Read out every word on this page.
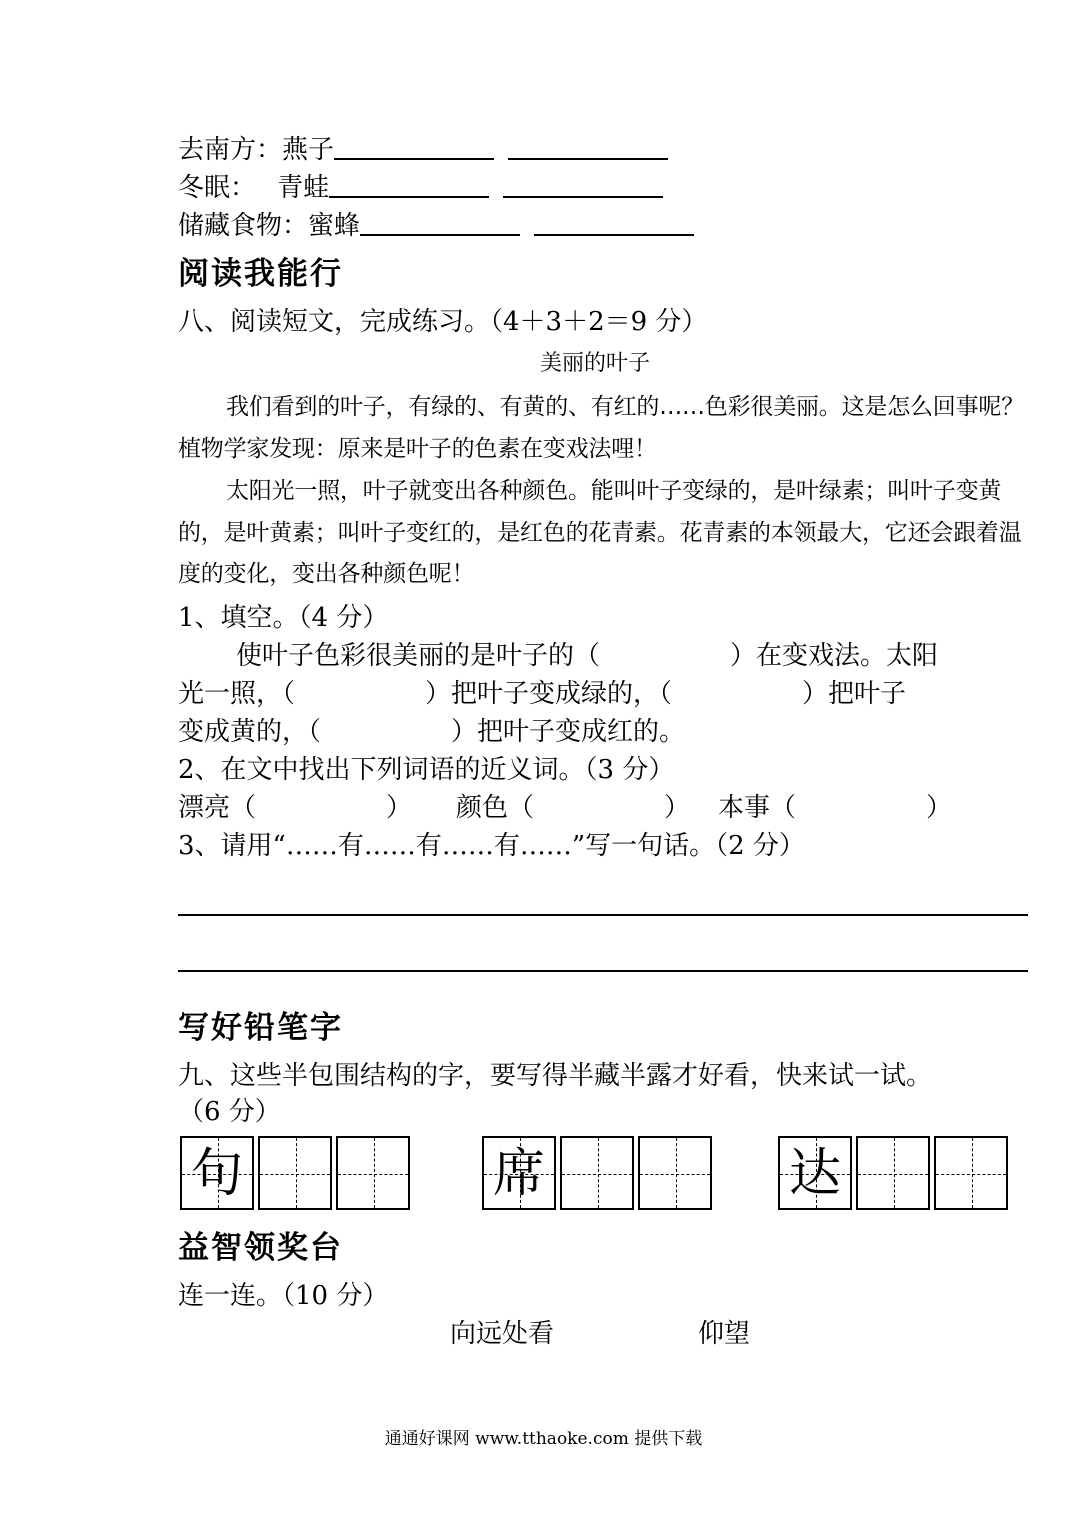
去南方：燕子
冬眠：　 青蛙
储藏食物：蜜蜂
阅读我能行
八、阅读短文，完成练习。（4＋3＋2＝9 分）
美丽的叶子
我们看到的叶子，有绿的、有黄的、有红的……色彩很美丽。这是怎么回事呢？植物学家发现：原来是叶子的色素在变戏法哩！
太阳光一照，叶子就变出各种颜色。能叫叶子变绿的，是叶绿素；叫叶子变黄的，是叶黄素；叫叶子变红的，是红色的花青素。花青素的本领最大，它还会跟着温度的变化，变出各种颜色呢！
1、填空。（4 分）
使叶子色彩很美丽的是叶子的（　　　　　）在变戏法。太阳
光一照，（　　　　　）把叶子变成绿的，（　　　　　）把叶子
变成黄的，（　　　　　）把叶子变成红的。
2、在文中找出下列词语的近义词。（3 分）
漂亮（　　　　　） 颜色（　　　　　） 本事（　　　　　）
3、请用“……有……有……有……”写一句话。（2 分）
写好铅笔字
九、这些半包围结构的字，要写得半藏半露才好看，快来试一试。
（6 分）
句	席	达
益智领奖台
连一连。（10 分）
向远处看	仰望
通通好课网 www.tthaoke.com 提供下载
